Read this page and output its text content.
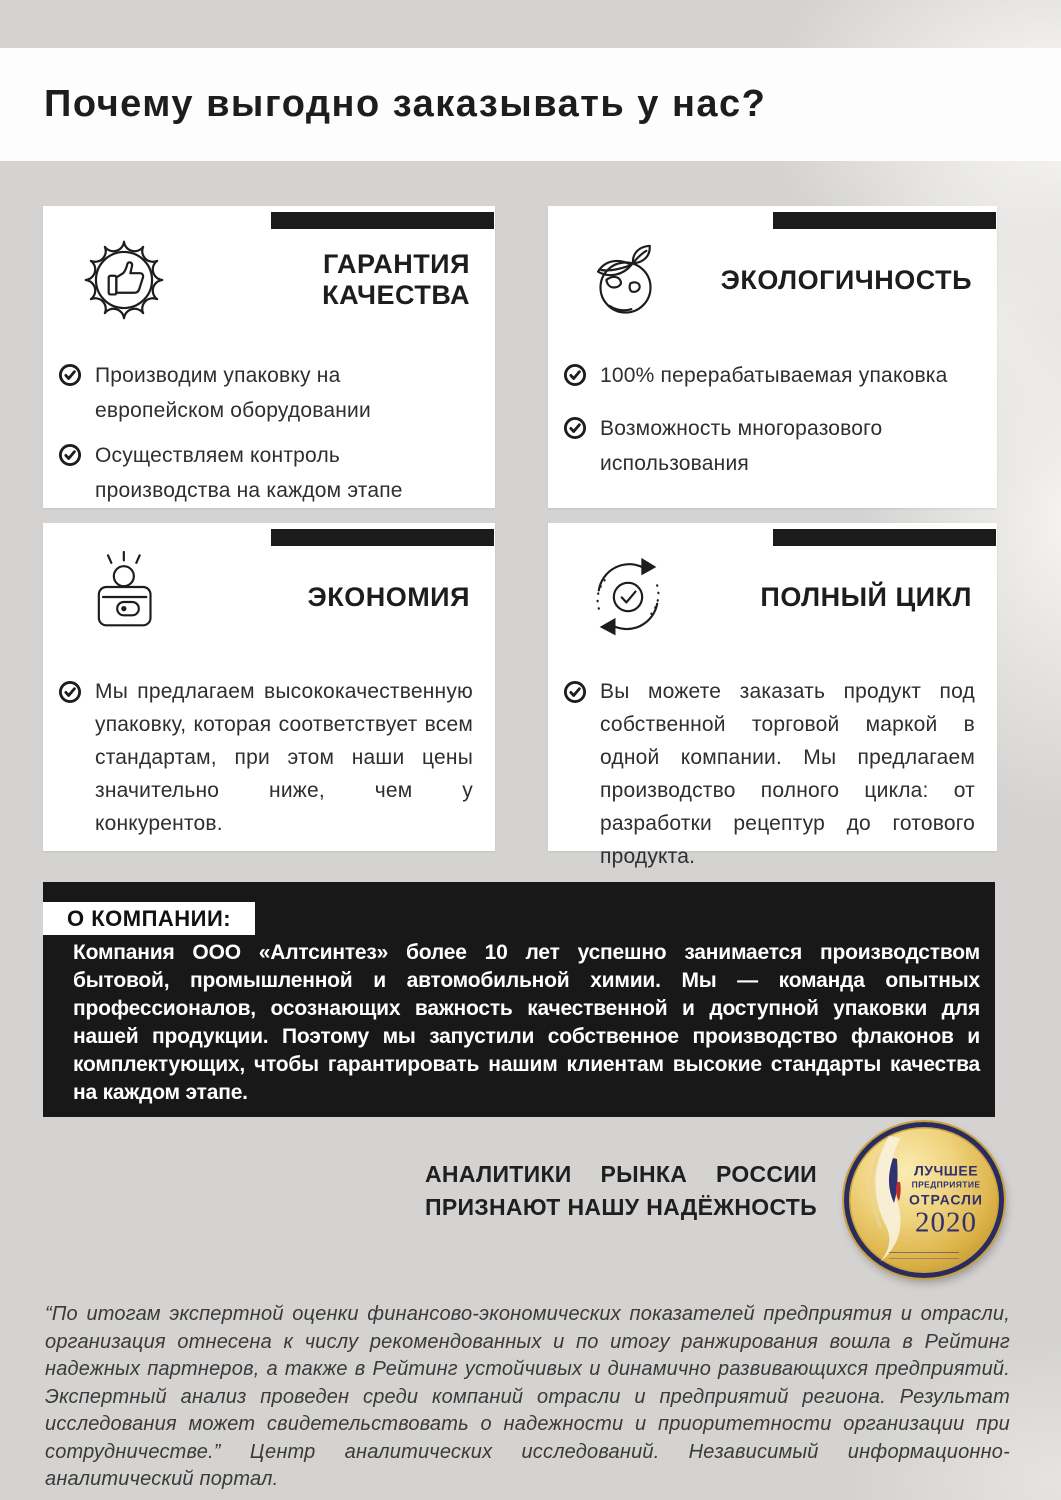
Почему выгодно заказывать у нас?
ГАРАНТИЯ КАЧЕСТВА
Производим упаковку на европейском оборудовании
Осуществляем контроль производства на каждом этапе
ЭКОЛОГИЧНОСТЬ
100% перерабатываемая упаковка
Возможность многоразового использования
ЭКОНОМИЯ
Мы предлагаем высококачественную упаковку, которая соответствует всем стандартам, при этом наши цены значительно ниже, чем у конкурентов.
ПОЛНЫЙ ЦИКЛ
Вы можете заказать продукт под собственной торговой маркой в одной компании. Мы предлагаем производство полного цикла: от разработки рецептур до готового продукта.
О КОМПАНИИ:
Компания ООО «Алтсинтез» более 10 лет успешно занимается производством бытовой, промышленной и автомобильной химии. Мы — команда опытных профессионалов, осознающих важность качественной и доступной упаковки для нашей продукции. Поэтому мы запустили собственное производство флаконов и комплектующих, чтобы гарантировать нашим клиентам высокие стандарты качества на каждом этапе.
АНАЛИТИКИ РЫНКА РОССИИ
ПРИЗНАЮТ НАШУ НАДЁЖНОСТЬ
ЛУЧШЕЕ
ПРЕДПРИЯТИЕ
ОТРАСЛИ
2020

“По итогам экспертной оценки финансово-экономических показателей предприятия и отрасли, организация отнесена к числу рекомендованных и по итогу ранжирования вошла в Рейтинг надежных партнеров, а также в Рейтинг устойчивых и динамично развивающихся предприятий. Экспертный анализ проведен среди компаний отрасли и предприятий региона. Результат исследования может свидетельствовать о надежности и приоритетности организации при сотрудничестве.” Центр аналитических исследований. Независимый информационно-аналитический портал.
